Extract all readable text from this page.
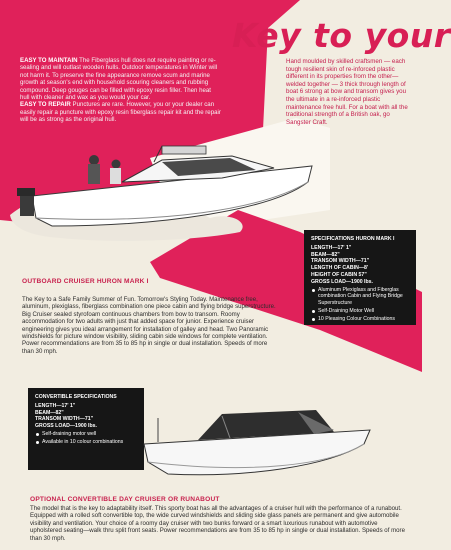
Key to your
EASY TO MAINTAIN The Fiberglass hull does not require painting or re-sealing and will outlast wooden hulls. Outdoor temperatures in Winter will not harm it. To preserve the fine appearance remove scum and marine growth at season's end with household scouring cleaners and rubbing compound. Deep gouges can be filled with epoxy resin filler. Then heat hull with cleaner and wax as you would your car.
EASY TO REPAIR Punctures are rare. However, you or your dealer can easily repair a puncture with epoxy resin fiberglass repair kit and the repair will be as strong as the original hull.
Hand moulded by skilled craftsmen — each tough resilient skin of re-inforced plastic different in its properties from the other—welded together — 3 thick through length of boat 6 strong at bow and transom gives you the ultimate in a re-inforced plastic maintenance free hull. For a boat with all the traditional strength of a British oak, go Sangster Craft.
SPECIFICATIONS HURON MARK I
LENGTH—17' 1"
BEAM—82"
TRANSOM WIDTH—71"
LENGTH OF CABIN—8'
HEIGHT OF CABIN 57"
GROSS LOAD—1900 lbs.
Aluminum Plexiglass and Fiberglas combination Cabin and Flying Bridge Superstructure
Self-Draining Motor Well
10 Pleasing Colour Combinations
OUTBOARD CRUISER HURON MARK I
The Key to a Safe Family Summer of Fun. Tomorrow's Styling Today. Maintenance free, aluminum, plexiglass, fiberglass combination one piece cabin and flying bridge superstructure. Big Cruiser sealed styrofoam continuous chambers from bow to transom. Roomy accommodation for two adults with just that added space for junior. Experience cruiser engineering gives you ideal arrangement for installation of galley and head. Two Panoramic windshields for picture window visibility, sliding cabin side windows for complete ventilation. Power recommendations are from 35 to 85 hp in single or dual installation. Speeds of more than 30 mph.
CONVERTIBLE SPECIFICATIONS
LENGTH—17' 1"
BEAM—82"
TRANSOM WIDTH—71"
GROSS LOAD—1900 lbs.
Self-draining motor well
Available in 10 colour combinations
OPTIONAL CONVERTIBLE DAY CRUISER OR RUNABOUT
The model that is the key to adaptability itself. This sporty boat has all the advantages of a cruiser hull with the performance of a runabout. Equipped with a rolled soft convertible top, the wide curved windshields and sliding side glass panels are permanent and give automobile visibility and ventilation. Your choice of a roomy day cruiser with two bunks forward or a smart luxurious runabout with automotive upholstered seating—walk thru split front seats. Power recommendations are from 35 to 85 hp in single or dual installation. Speeds of more than 30 mph.
